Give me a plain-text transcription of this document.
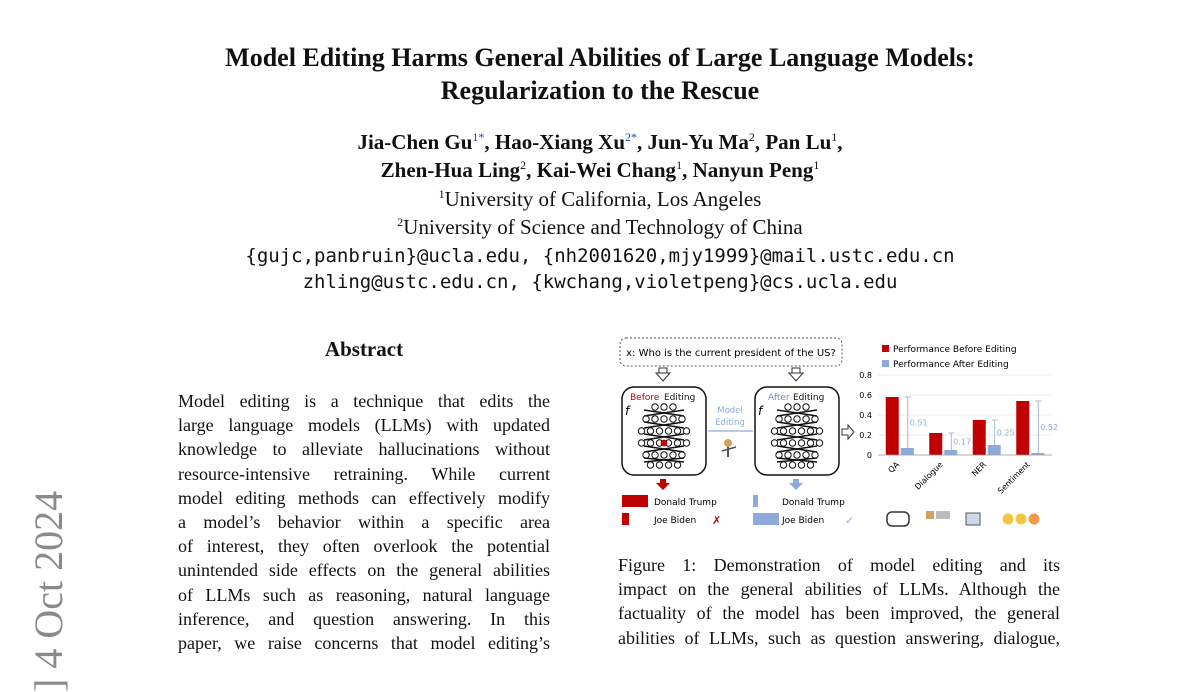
] 4 Oct 2024
Model Editing Harms General Abilities of Large Language Models:
Regularization to the Rescue
Jia-Chen $Gu^{1*}$, Hao-Xiang $Xu^{2*}$, Jun-Yu Ma$^2$, Pan Lu$^1$,
Zhen-Hua Ling$^2$, Kai-Wei Chang$^1$, Nanyun Peng$^1$
$^1$University of California, Los Angeles
$^2$University of Science and Technology of China
{gujc,panbruin}@ucla.edu, {nh2001620,mjy1999}@mail.ustc.edu.cn
zhling@ustc.edu.cn, {kwchang,violetpeng}@cs.ucla.edu
Abstract
Model editing is a technique that edits the
large language models (LLMs) with updated
knowledge to alleviate hallucinations without
resource-intensive retraining. While current
model editing methods can effectively modify
a model’s behavior within a specific area
of interest, they often overlook the potential
unintended side effects on the general abilities
of LLMs such as reasoning, natural language
inference, and question answering. In this
paper, we raise concerns that model editing’s
x: Who is the current president of the US?
Before Editing
f
After Editing
f
Model
Editing
Donald Trump
Joe Biden ✗
Donald Trump
Joe Biden ✓
Performance Before Editing
Performance After Editing
0
0.2
0.4
0.6
0.8
0.51
QA
0.17
Dialogue
0.25
NER
0.52
Sentiment
Figure 1: Demonstration of model editing and its
impact on the general abilities of LLMs. Although the
factuality of the model has been improved, the general
abilities of LLMs, such as question answering, dialogue,
